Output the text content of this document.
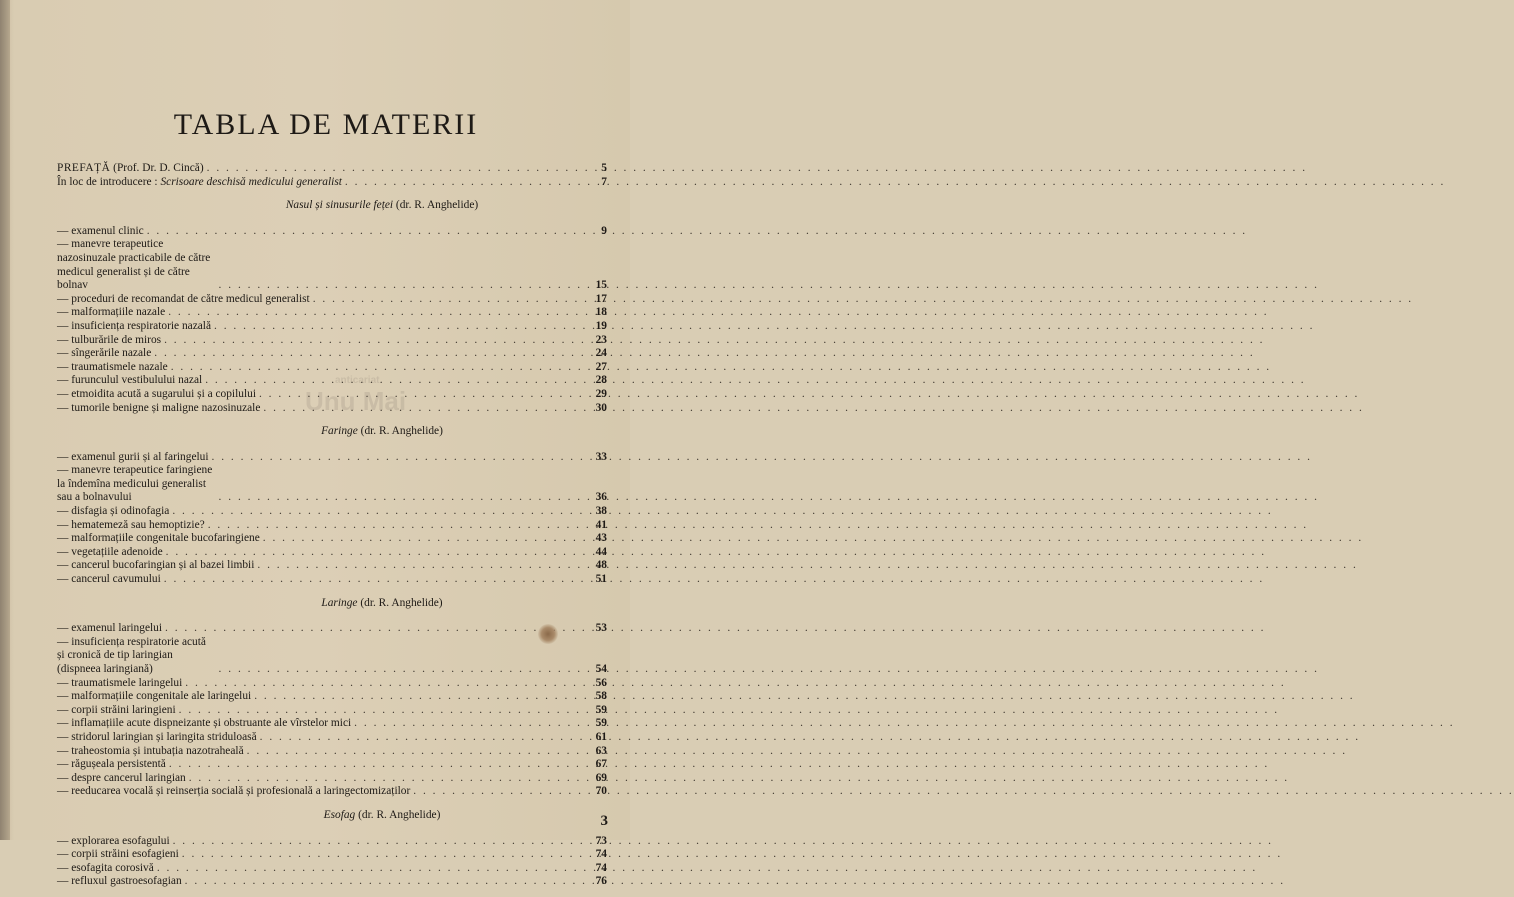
anticariat
Unu Mai
TABLA DE MATERII
PREFAȚĂ (Prof. Dr. D. Cincă) . . .	5
În loc de introducere : Scrisoare deschisă medicului generalist . . .	7
Nasul și sinusurile feței (dr. R. Anghelide)
— examenul clinic . . .	9
— manevre terapeutice nazosinuzale practicabile de către medicul generalist și de către bolnav . . .	15
— proceduri de recomandat de către medicul generalist . . .	17
— malformațiile nazale . . .	18
— insuficiența respiratorie nazală . . .	19
— tulburările de miros . . .	23
— sîngerările nazale . . .	24
— traumatismele nazale . . .	27
— furunculul vestibulului nazal . . .	28
— etmoidita acută a sugarului și a copilului . . .	29
— tumorile benigne și maligne nazosinuzale . . .	30
Faringe (dr. R. Anghelide)
— examenul gurii și al faringelui . . .	33
— manevre terapeutice faringiene la îndemîna medicului generalist sau a bolnavului . . .	36
— disfagia și odinofagia . . .	38
— hematemeză sau hemoptizie? . . .	41
— malformațiile congenitale bucofaringiene . . .	43
— vegetațiile adenoide . . .	44
— cancerul bucofaringian și al bazei limbii . . .	48
— cancerul cavumului . . .	51
Laringe (dr. R. Anghelide)
— examenul laringelui . . .	53
— insuficiența respiratorie acută și cronică de tip laringian (dispneea laringiană) . . .	54
— traumatismele laringelui . . .	56
— malformațiile congenitale ale laringelui . . .	58
— corpii străini laringieni . . .	59
— inflamațiile acute dispneizante și obstruante ale vîrstelor mici . . .	59
— stridorul laringian și laringita striduloasă . . .	61
— traheostomia și intubația nazotraheală . . .	63
— răgușeala persistentă . . .	67
— despre cancerul laringian . . .	69
— reeducarea vocală și reinserția socială și profesională a laringectomizaților . . .	70
Esofag (dr. R. Anghelide)
— explorarea esofagului . . .	73
— corpii străini esofagieni . . .	74
— esofagita corosivă . . .	74
— refluxul gastroesofagian . . .	76
3
